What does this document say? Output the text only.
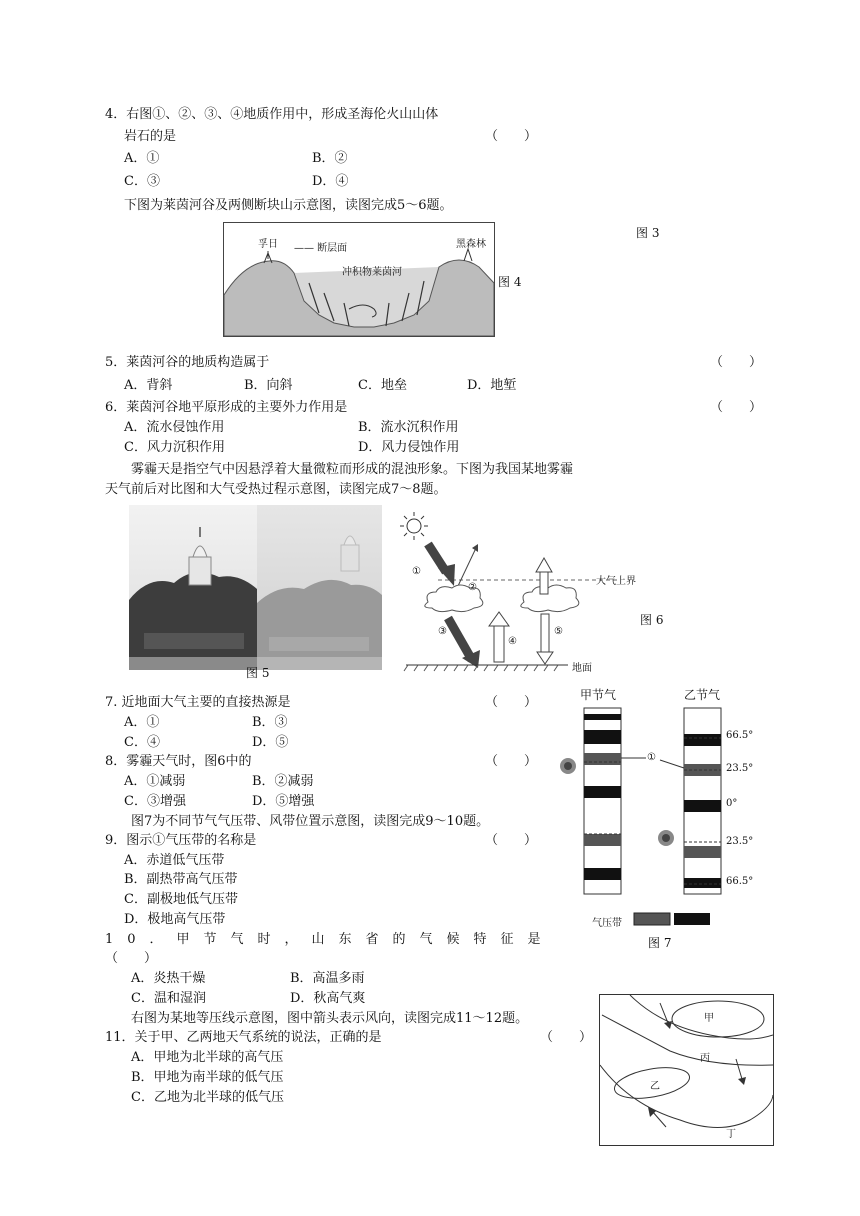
4．右图①、②、③、④地质作用中，形成圣海伦火山山体
岩石的是	（　　）
A．①	B．②
C．③	D．④
下图为莱茵河谷及两侧断块山示意图，读图完成5～6题。
图 3
孚日 —— 断层面
冲积物莱茵河
黑森林
图 4
5．莱茵河谷的地质构造属于	（　　）
A．背斜	B．向斜	C．地垒	D．地堑
6．莱茵河谷地平原形成的主要外力作用是	（　　）
A．流水侵蚀作用	B．流水沉积作用
C．风力沉积作用	D．风力侵蚀作用
雾霾天是指空气中因悬浮着大量微粒而形成的混浊形象。下图为我国某地雾霾
天气前后对比图和大气受热过程示意图，读图完成7～8题。
图 5
①
②
③
④
⑤
大气上界
地面
图 6
7. 近地面大气主要的直接热源是	（　　）
A．①	B．③
C．④	D．⑤
8．雾霾天气时，图6中的	（　　）
A．①减弱	B．②减弱
C．③增强	D．⑤增强
图7为不同节气气压带、风带位置示意图，读图完成9～10题。
9．图示①气压带的名称是	（　　）
A．赤道低气压带
B．副热带高气压带
C．副极地低气压带
D．极地高气压带
10．甲节气时，山东省的气候特征是
（　　）
A．炎热干燥	B．高温多雨
C．温和湿润	D．秋高气爽
右图为某地等压线示意图，图中箭头表示风向，读图完成11～12题。
11．关于甲、乙两地天气系统的说法，正确的是	（　　）
A．甲地为北半球的高气压
B．甲地为南半球的低气压
C．乙地为北半球的低气压
甲节气	乙节气
①
66.5°
23.5°
0°
23.5°
66.5°
气压带
图 7
甲
丙
乙
丁
